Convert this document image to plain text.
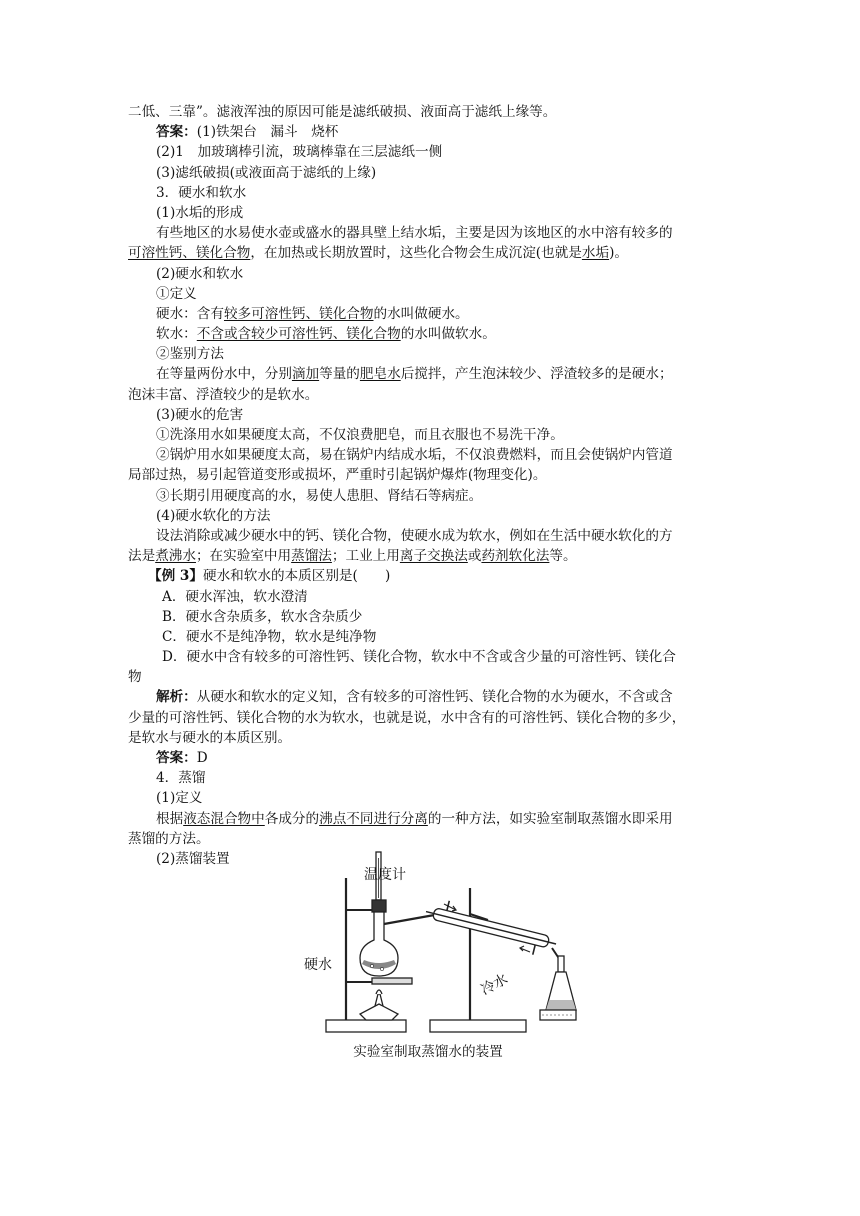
二低、三靠”。滤液浑浊的原因可能是滤纸破损、液面高于滤纸上缘等。
答案：(1)铁架台　漏斗　烧杯
(2)1　加玻璃棒引流，玻璃棒靠在三层滤纸一侧
(3)滤纸破损(或液面高于滤纸的上缘)
3．硬水和软水
(1)水垢的形成
有些地区的水易使水壶或盛水的器具壁上结水垢，主要是因为该地区的水中溶有较多的
可溶性钙、镁化合物，在加热或长期放置时，这些化合物会生成沉淀(也就是水垢)。
(2)硬水和软水
①定义
硬水：含有较多可溶性钙、镁化合物的水叫做硬水。
软水：不含或含较少可溶性钙、镁化合物的水叫做软水。
②鉴别方法
在等量两份水中，分别滴加等量的肥皂水后搅拌，产生泡沫较少、浮渣较多的是硬水；
泡沫丰富、浮渣较少的是软水。
(3)硬水的危害
①洗涤用水如果硬度太高，不仅浪费肥皂，而且衣服也不易洗干净。
②锅炉用水如果硬度太高，易在锅炉内结成水垢，不仅浪费燃料，而且会使锅炉内管道
局部过热，易引起管道变形或损坏，严重时引起锅炉爆炸(物理变化)。
③长期引用硬度高的水，易使人患胆、肾结石等病症。
(4)硬水软化的方法
设法消除或减少硬水中的钙、镁化合物，使硬水成为软水，例如在生活中硬水软化的方
法是煮沸水；在实验室中用蒸馏法；工业上用离子交换法或药剂软化法等。
【例 3】硬水和软水的本质区别是(　　)
A．硬水浑浊，软水澄清
B．硬水含杂质多，软水含杂质少
C．硬水不是纯净物，软水是纯净物
D．硬水中含有较多的可溶性钙、镁化合物，软水中不含或含少量的可溶性钙、镁化合
物
解析：从硬水和软水的定义知，含有较多的可溶性钙、镁化合物的水为硬水，不含或含
少量的可溶性钙、镁化合物的水为软水，也就是说，水中含有的可溶性钙、镁化合物的多少，
是软水与硬水的本质区别。
答案：D
4．蒸馏
(1)定义
根据液态混合物中各成分的沸点不同进行分离的一种方法，如实验室制取蒸馏水即采用
蒸馏的方法。
(2)蒸馏装置
温度计
硬水
冷水
实验室制取蒸馏水的装置
